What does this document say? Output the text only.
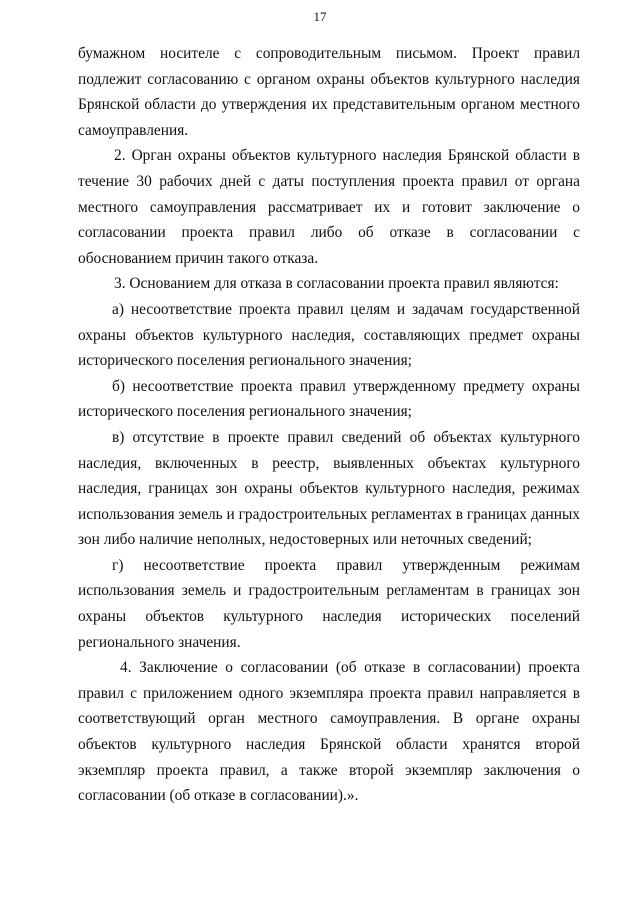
17

бумажном носителе с сопроводительным письмом. Проект правил подлежит согласованию с органом охраны объектов культурного наследия Брянской области до утверждения их представительным органом местного самоуправления.

2. Орган охраны объектов культурного наследия Брянской области в течение 30 рабочих дней с даты поступления проекта правил от органа местного самоуправления рассматривает их и готовит заключение о согласовании проекта правил либо об отказе в согласовании с обоснованием причин такого отказа.

3. Основанием для отказа в согласовании проекта правил являются:

а) несоответствие проекта правил целям и задачам государственной охраны объектов культурного наследия, составляющих предмет охраны исторического поселения регионального значения;

б) несоответствие проекта правил утвержденному предмету охраны исторического поселения регионального значения;

в) отсутствие в проекте правил сведений об объектах культурного наследия, включенных в реестр, выявленных объектах культурного наследия, границах зон охраны объектов культурного наследия, режимах использования земель и градостроительных регламентах в границах данных зон либо наличие неполных, недостоверных или неточных сведений;

г) несоответствие проекта правил утвержденным режимам использования земель и градостроительным регламентам в границах зон охраны объектов культурного наследия исторических поселений регионального значения.

4. Заключение о согласовании (об отказе в согласовании) проекта правил с приложением одного экземпляра проекта правил направляется в соответствующий орган местного самоуправления. В органе охраны объектов культурного наследия Брянской области хранятся второй экземпляр проекта правил, а также второй экземпляр заключения о согласовании (об отказе в согласовании).».
